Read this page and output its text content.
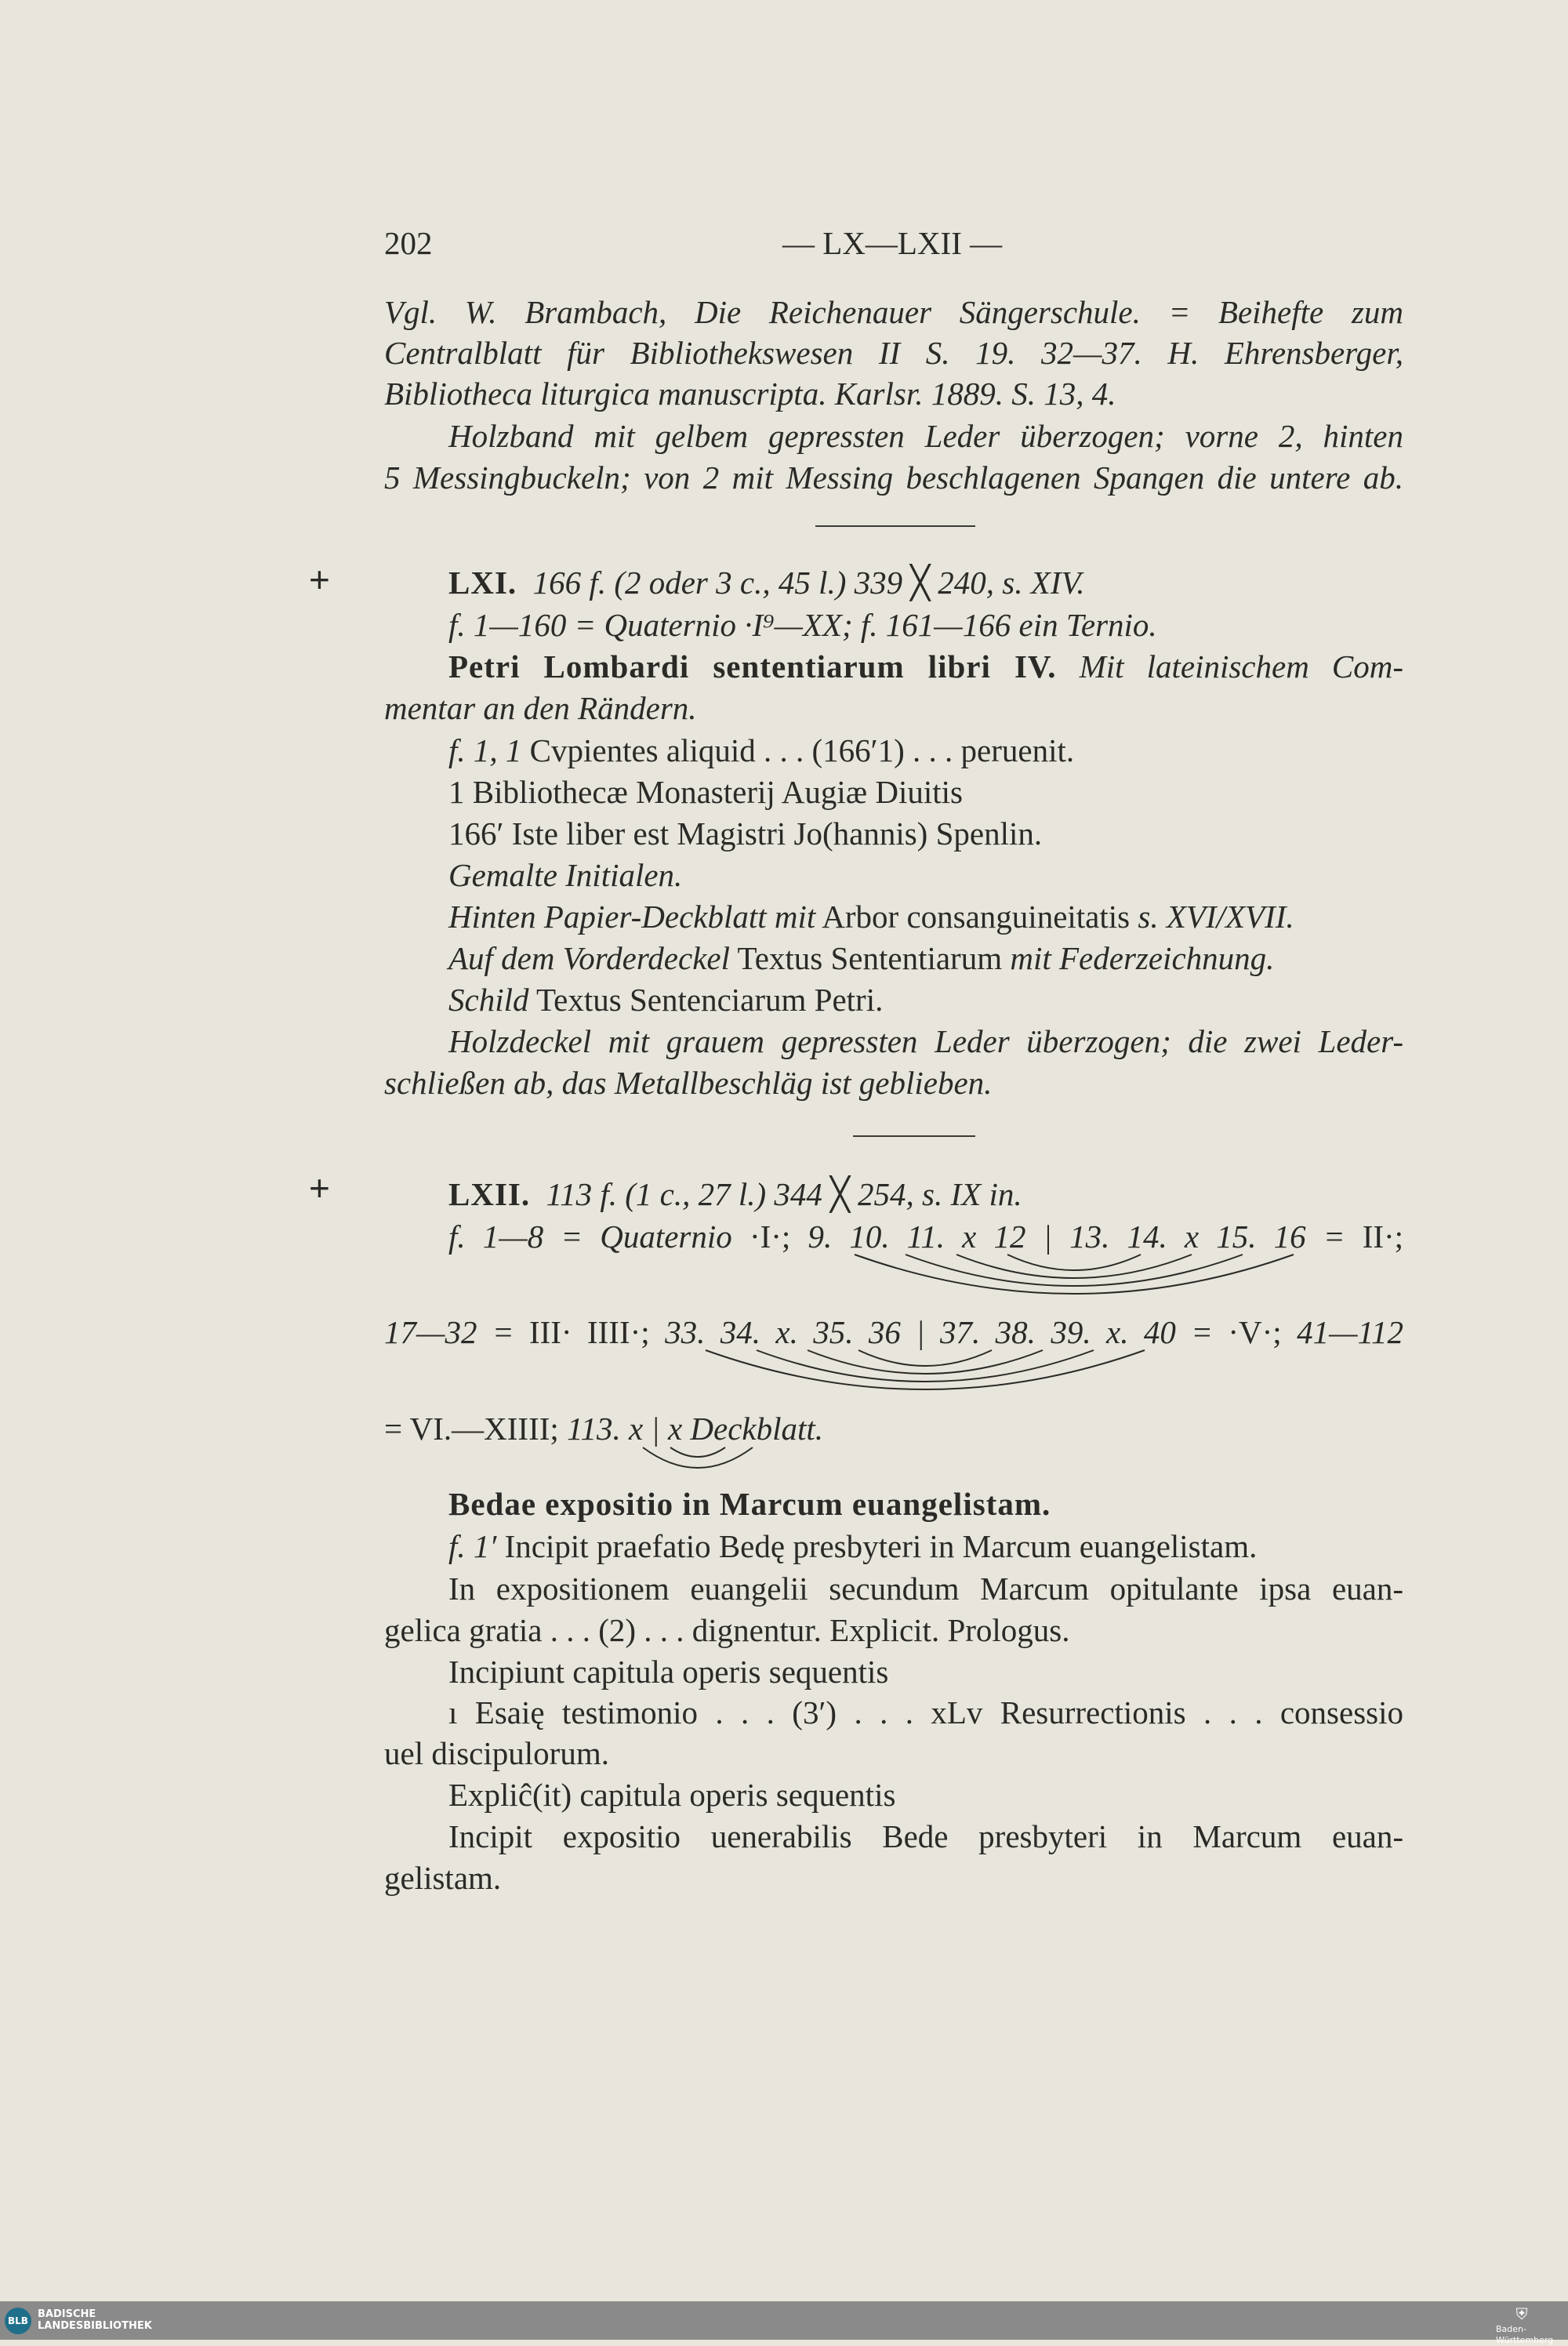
202	— LX—LXII —
Vgl. W. Brambach, Die Reichenauer Sängerschule. = Beihefte zum
Centralblatt für Bibliothekswesen II S. 19. 32—37. H. Ehrensberger,
Bibliotheca liturgica manuscripta. Karlsr. 1889. S. 13, 4.
Holzband mit gelbem gepressten Leder überzogen; vorne 2, hinten
5 Messingbuckeln; von 2 mit Messing beschlagenen Spangen die untere ab.
+	LXI. 166 f. (2 oder 3 c., 45 l.) 339 ╳ 240, s. XIV.
f. 1—160 = Quaternio ·I⁹—XX; f. 161—166 ein Ternio.
Petri Lombardi sententiarum libri IV. Mit lateinischem Com-
mentar an den Rändern.
f. 1, 1 Cvpientes aliquid . . . (166′1) . . . peruenit.
1 Bibliothecæ Monasterij Augiæ Diuitis
166′ Iste liber est Magistri Jo(hannis) Spenlin.
Gemalte Initialen.
Hinten Papier-Deckblatt mit Arbor consanguineitatis s. XVI/XVII.
Auf dem Vorderdeckel Textus Sententiarum mit Federzeichnung.
Schild Textus Sentenciarum Petri.
Holzdeckel mit grauem gepressten Leder überzogen; die zwei Leder-
schließen ab, das Metallbeschläg ist geblieben.
+	LXII. 113 f. (1 c., 27 l.) 344 ╳ 254, s. IX in.
f. 1—8 = Quaternio ·I·; 9. 10. 11. x 12 | 13. 14. x 15. 16 = II·;
17—32 = III· IIII·; 33. 34. x. 35. 36 | 37. 38. 39. x. 40 = ·V·; 41—112
= VI.—XIIII; 113. x | x Deckblatt.
Bedae expositio in Marcum euangelistam.
f. 1′ Incipit praefatio Bedę presbyteri in Marcum euangelistam.
In expositionem euangelii secundum Marcum opitulante ipsa euan-
gelica gratia . . . (2) . . . dignentur. Explicit. Prologus.
Incipiunt capitula operis sequentis
ı Esaię testimonio . . . (3′) . . . xLv Resurrectionis . . . consessio
uel discipulorum.
Expliĉ(it) capitula operis sequentis
Incipit expositio uenerabilis Bede presbyteri in Marcum euan-
gelistam.
BLB
BADISCHE
LANDESBIBLIOTHEK
⛨
Baden-Württemberg
